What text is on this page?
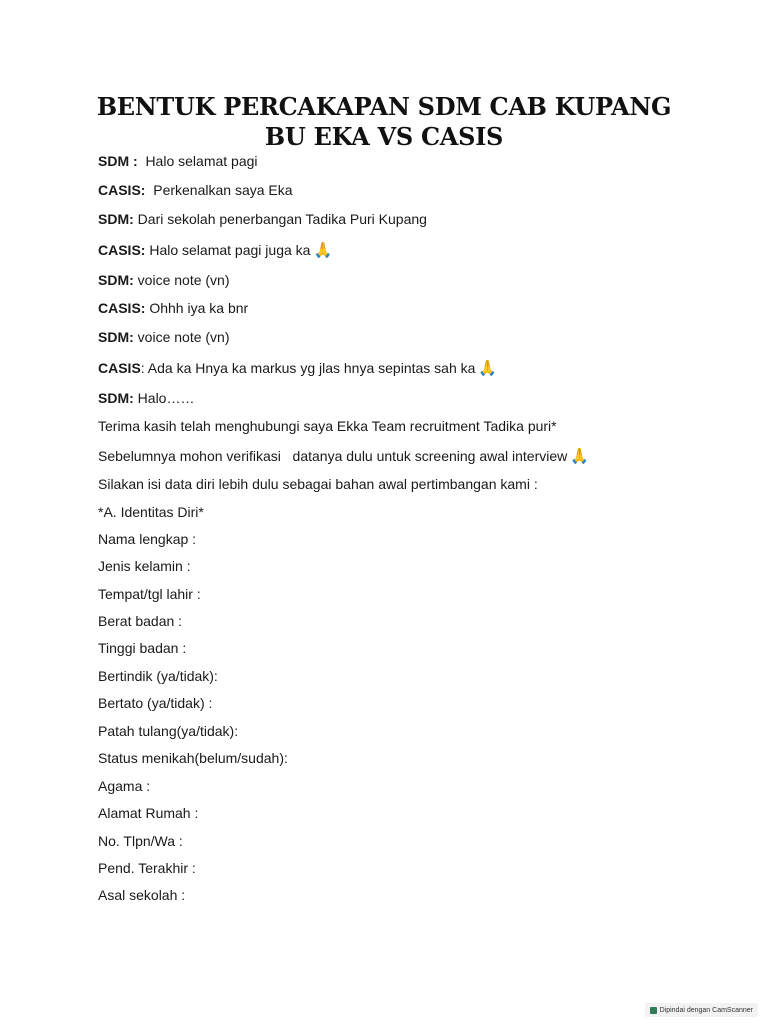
BENTUK PERCAKAPAN SDM CAB KUPANG
BU EKA VS CASIS
SDM :  Halo selamat pagi
CASIS:  Perkenalkan saya Eka
SDM: Dari sekolah penerbangan Tadika Puri Kupang
CASIS: Halo selamat pagi juga ka 🙏
SDM: voice note (vn)
CASIS: Ohhh iya ka bnr
SDM: voice note (vn)
CASIS: Ada ka Hnya ka markus yg jlas hnya sepintas sah ka 🙏
SDM: Halo……
Terima kasih telah menghubungi saya Ekka Team recruitment Tadika puri*
Sebelumnya mohon verifikasi   datanya dulu untuk screening awal interview 🙏
Silakan isi data diri lebih dulu sebagai bahan awal pertimbangan kami :
*A. Identitas Diri*
Nama lengkap :
Jenis kelamin :
Tempat/tgl lahir :
Berat badan :
Tinggi badan :
Bertindik (ya/tidak):
Bertato (ya/tidak) :
Patah tulang(ya/tidak):
Status menikah(belum/sudah):
Agama :
Alamat Rumah :
No. Tlpn/Wa :
Pend. Terakhir :
Asal sekolah :
Dipindai dengan CamScanner
